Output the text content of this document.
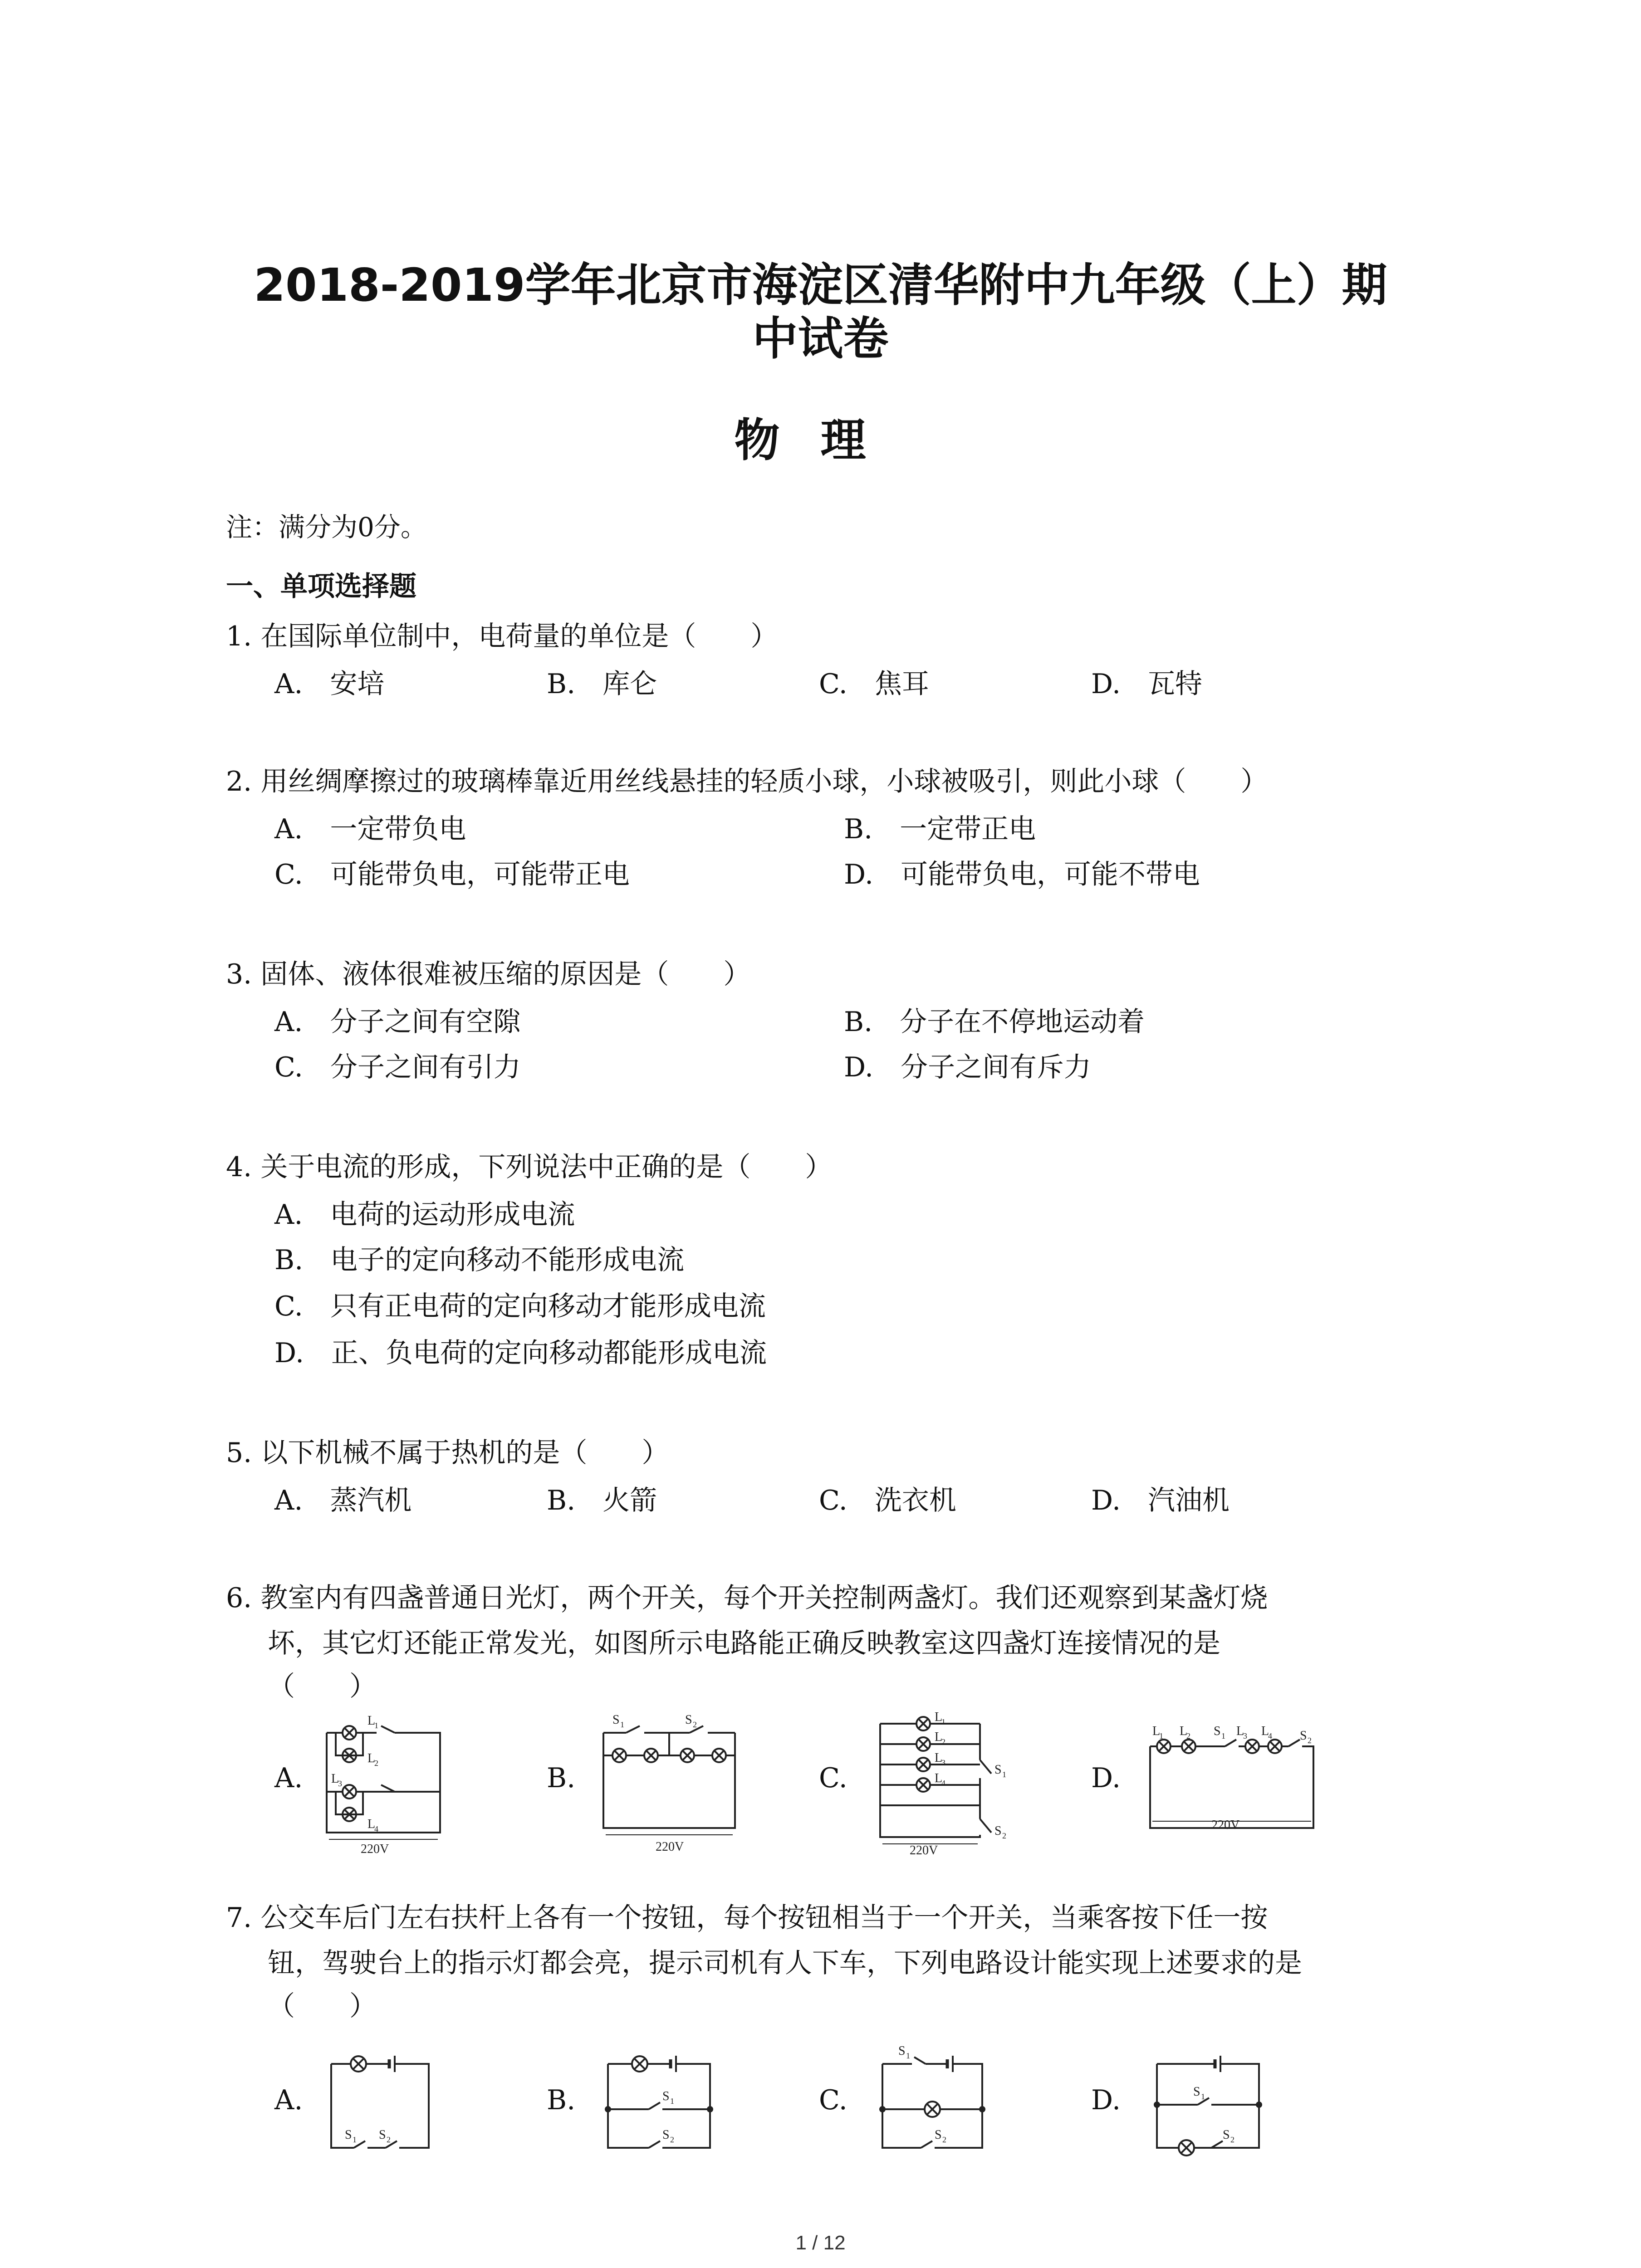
2018-2019学年北京市海淀区清华附中九年级（上）期
中试卷
物理
注：满分为0分。
一、单项选择题
1. 在国际单位制中，电荷量的单位是（　　）
A.　安培	B.　库仑	C.　焦耳	D.　瓦特
2. 用丝绸摩擦过的玻璃棒靠近用丝线悬挂的轻质小球，小球被吸引，则此小球（　　）
A.　一定带负电	B.　一定带正电
C.　可能带负电，可能带正电	D.　可能带负电，可能不带电
3. 固体、液体很难被压缩的原因是（　　）
A.　分子之间有空隙	B.　分子在不停地运动着
C.　分子之间有引力	D.　分子之间有斥力
4. 关于电流的形成，下列说法中正确的是（　　）
A.　电荷的运动形成电流
B.　电子的定向移动不能形成电流
C.　只有正电荷的定向移动才能形成电流
D.　正、负电荷的定向移动都能形成电流
5. 以下机械不属于热机的是（　　）
A.　蒸汽机	B.　火箭	C.　洗衣机	D.　汽油机
6. 教室内有四盏普通日光灯，两个开关，每个开关控制两盏灯。我们还观察到某盏灯烧
坏，其它灯还能正常发光，如图所示电路能正确反映教室这四盏灯连接情况的是
（　　）
A.	B.	C.	D.
L
1
L
2
L
3
L
4
220V
S 1	S 2
220V
L
1
L
2
L
3
L
4
S 1
S 2
220V
L
1 L
2 S 1 L
3 L
4 S 2
220V
7. 公交车后门左右扶杆上各有一个按钮，每个按钮相当于一个开关，当乘客按下任一按
钮，驾驶台上的指示灯都会亮，提示司机有人下车，下列电路设计能实现上述要求的是
（　　）
A.	B.	C.	D.
S 1 S 2
S 1
S 2
S 1
S 2
S 1
S 2
1 / 12
